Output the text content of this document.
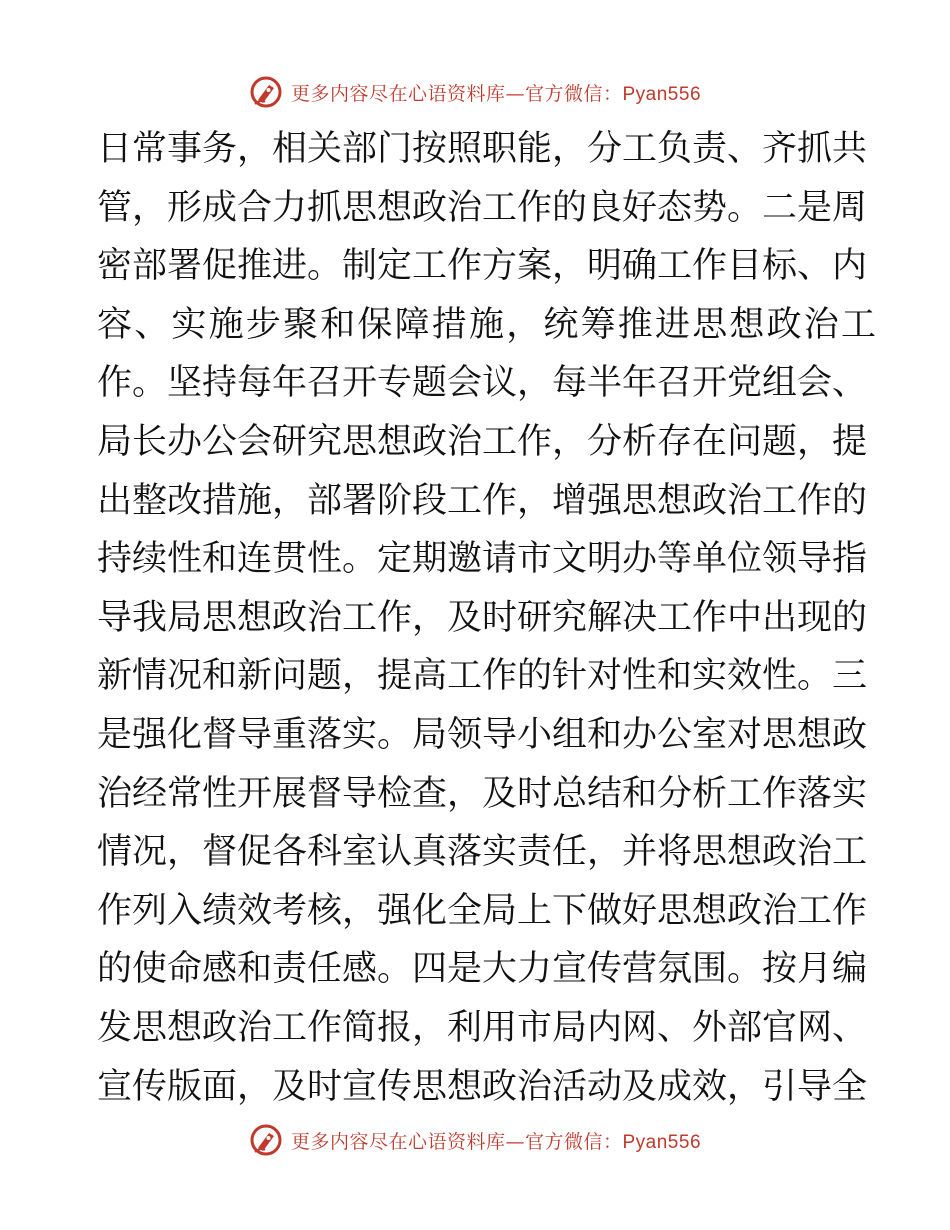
更多内容尽在心语资料库—官方微信：Pyan556
日常事务，相关部门按照职能，分工负责、齐抓共
管，形成合力抓思想政治工作的良好态势。二是周
密部署促推进。制定工作方案，明确工作目标、内
容、实施步聚和保障措施，统筹推进思想政治工
作。坚持每年召开专题会议，每半年召开党组会、
局长办公会研究思想政治工作，分析存在问题，提
出整改措施，部署阶段工作，增强思想政治工作的
持续性和连贯性。定期邀请市文明办等单位领导指
导我局思想政治工作，及时研究解决工作中出现的
新情况和新问题，提高工作的针对性和实效性。三
是强化督导重落实。局领导小组和办公室对思想政
治经常性开展督导检查，及时总结和分析工作落实
情况，督促各科室认真落实责任，并将思想政治工
作列入绩效考核，强化全局上下做好思想政治工作
的使命感和责任感。四是大力宣传营氛围。按月编
发思想政治工作简报，利用市局内网、外部官网、
宣传版面，及时宣传思想政治活动及成效，引导全
更多内容尽在心语资料库—官方微信：Pyan556
